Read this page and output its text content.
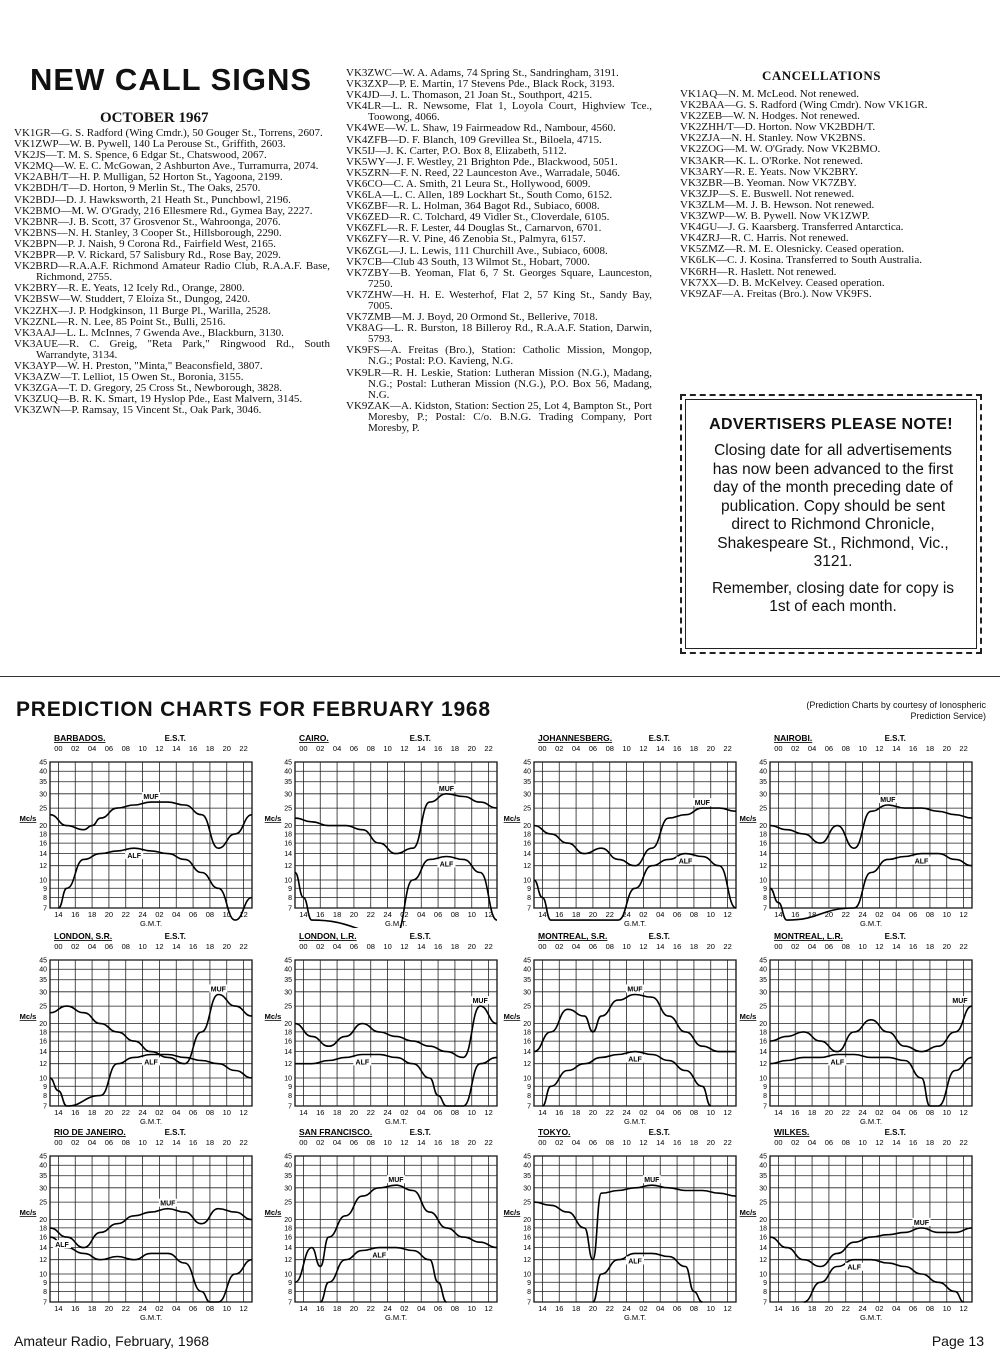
NEW CALL SIGNS
OCTOBER 1967

VK1GR—G. S. Radford (Wing Cmdr.), 50 Gouger St., Torrens, 2607.

VK1ZWP—W. B. Pywell, 140 La Perouse St., Griffith, 2603.

VK2JS—T. M. S. Spence, 6 Edgar St., Chatswood, 2067.

VK2MQ—W. E. C. McGowan, 2 Ashburton Ave., Turramurra, 2074.

VK2ABH/T—H. P. Mulligan, 52 Horton St., Yagoona, 2199.

VK2BDH/T—D. Horton, 9 Merlin St., The Oaks, 2570.

VK2BDJ—D. J. Hawksworth, 21 Heath St., Punchbowl, 2196.

VK2BMO—M. W. O'Grady, 216 Ellesmere Rd., Gymea Bay, 2227.

VK2BNR—J. B. Scott, 37 Grosvenor St., Wahroonga, 2076.

VK2BNS—N. H. Stanley, 3 Cooper St., Hillsborough, 2290.

VK2BPN—P. J. Naish, 9 Corona Rd., Fairfield West, 2165.

VK2BPR—P. V. Rickard, 57 Salisbury Rd., Rose Bay, 2029.

VK2BRD—R.A.A.F. Richmond Amateur Radio Club, R.A.A.F. Base, Richmond, 2755.

VK2BRY—R. E. Yeats, 12 Icely Rd., Orange, 2800.

VK2BSW—W. Studdert, 7 Eloiza St., Dungog, 2420.

VK2ZHX—J. P. Hodgkinson, 11 Burge Pl., Warilla, 2528.

VK2ZNL—R. N. Lee, 85 Point St., Bulli, 2516.

VK3AAJ—L. L. McInnes, 7 Gwenda Ave., Blackburn, 3130.

VK3AUE—R. C. Greig, "Reta Park," Ringwood Rd., South Warrandyte, 3134.

VK3AYP—W. H. Preston, "Minta," Beaconsfield, 3807.

VK3AZW—T. Lelliot, 15 Owen St., Boronia, 3155.

VK3ZGA—T. D. Gregory, 25 Cross St., Newborough, 3828.

VK3ZUQ—B. R. K. Smart, 19 Hyslop Pde., East Malvern, 3145.

VK3ZWN—P. Ramsay, 15 Vincent St., Oak Park, 3046.

VK3ZWC—W. A. Adams, 74 Spring St., Sandringham, 3191.

VK3ZXP—P. E. Martin, 17 Stevens Pde., Black Rock, 3193.

VK4JD—J. L. Thomason, 21 Joan St., Southport, 4215.

VK4LR—L. R. Newsome, Flat 1, Loyola Court, Highview Tce., Toowong, 4066.

VK4WE—W. L. Shaw, 19 Fairmeadow Rd., Nambour, 4560.

VK4ZFB—D. F. Blanch, 109 Grevillea St., Biloela, 4715.

VK5IJ—J. K. Carter, P.O. Box 8, Elizabeth, 5112.

VK5WY—J. F. Westley, 21 Brighton Pde., Blackwood, 5051.

VK5ZRN—F. N. Reed, 22 Launceston Ave., Warradale, 5046.

VK6CO—C. A. Smith, 21 Leura St., Hollywood, 6009.

VK6LA—L. C. Allen, 189 Lockhart St., South Como, 6152.

VK6ZBF—R. L. Holman, 364 Bagot Rd., Subiaco, 6008.

VK6ZED—R. C. Tolchard, 49 Vidler St., Cloverdale, 6105.

VK6ZFL—R. F. Lester, 44 Douglas St., Carnarvon, 6701.

VK6ZFY—R. V. Pine, 46 Zenobia St., Palmyra, 6157.

VK6ZGL—J. L. Lewis, 111 Churchill Ave., Subiaco, 6008.

VK7CB—Club 43 South, 13 Wilmot St., Hobart, 7000.

VK7ZBY—B. Yeoman, Flat 6, 7 St. Georges Square, Launceston, 7250.

VK7ZHW—H. H. E. Westerhof, Flat 2, 57 King St., Sandy Bay, 7005.

VK7ZMB—M. J. Boyd, 20 Ormond St., Bellerive, 7018.

VK8AG—L. R. Burston, 18 Billeroy Rd., R.A.A.F. Station, Darwin, 5793.

VK9FS—A. Freitas (Bro.), Station: Catholic Mission, Mongop, N.G.; Postal: P.O. Kavieng, N.G.

VK9LR—R. H. Leskie, Station: Lutheran Mission (N.G.), Madang, N.G.; Postal: Lutheran Mission (N.G.), P.O. Box 56, Madang, N.G.

VK9ZAK—A. Kidston, Station: Section 25, Lot 4, Bampton St., Port Moresby, P.; Postal: C/o. B.N.G. Trading Company, Port Moresby, P.

CANCELLATIONS

VK1AQ—N. M. McLeod. Not renewed.

VK2BAA—G. S. Radford (Wing Cmdr). Now VK1GR.

VK2ZEB—W. N. Hodges. Not renewed.

VK2ZHH/T—D. Horton. Now VK2BDH/T.

VK2ZJA—N. H. Stanley. Now VK2BNS.

VK2ZOG—M. W. O'Grady. Now VK2BMO.

VK3AKR—K. L. O'Rorke. Not renewed.

VK3ARY—R. E. Yeats. Now VK2BRY.

VK3ZBR—B. Yeoman. Now VK7ZBY.

VK3ZJP—S. E. Buswell. Not renewed.

VK3ZLM—M. J. B. Hewson. Not renewed.

VK3ZWP—W. B. Pywell. Now VK1ZWP.

VK4GU—J. G. Kaarsberg. Transferred Antarctica.

VK4ZRJ—R. C. Harris. Not renewed.

VK5ZMZ—R. M. E. Olesnicky. Ceased operation.

VK6LK—C. J. Kosina. Transferred to South Australia.

VK6RH—R. Haslett. Not renewed.

VK7XX—D. B. McKelvey. Ceased operation.

VK9ZAF—A. Freitas (Bro.). Now VK9FS.

ADVERTISERS PLEASE NOTE!
Closing date for all advertisements has now been advanced to the first day of the month preceding date of publication. Copy should be sent direct to Richmond Chronicle, Shakespeare St., Richmond, Vic., 3121.
Remember, closing date for copy is 1st of each month.
PREDICTION CHARTS FOR FEBRUARY 1968	(Prediction Charts by courtesy of Ionospheric Prediction Service)
BARBADOS.	E.S.T.
00
14
02
16
04
18
06
20
08
22
10
24
12
02
14
04
16
06
18
08
20
10
22
12
7
8
9
10
12
14
16
18
20
25
30
35
40
45
Mc/s
G.M.T.
MUF
ALF
CAIRO.	E.S.T.
00
14
02
16
04
18
06
20
08
22
10
24
12
02
14
04
16
06
18
08
20
10
22
12
7
8
9
10
12
14
16
18
20
25
30
35
40
45
Mc/s
G.M.T.
MUF
ALF
JOHANNESBERG.	E.S.T.
00
14
02
16
04
18
06
20
08
22
10
24
12
02
14
04
16
06
18
08
20
10
22
12
7
8
9
10
12
14
16
18
20
25
30
35
40
45
Mc/s
G.M.T.
MUF
ALF
NAIROBI.	E.S.T.
00
14
02
16
04
18
06
20
08
22
10
24
12
02
14
04
16
06
18
08
20
10
22
12
7
8
9
10
12
14
16
18
20
25
30
35
40
45
Mc/s
G.M.T.
MUF
ALF
LONDON, S.R.	E.S.T.
00
14
02
16
04
18
06
20
08
22
10
24
12
02
14
04
16
06
18
08
20
10
22
12
7
8
9
10
12
14
16
18
20
25
30
35
40
45
Mc/s
G.M.T.
MUF
ALF
LONDON, L.R.	E.S.T.
00
14
02
16
04
18
06
20
08
22
10
24
12
02
14
04
16
06
18
08
20
10
22
12
7
8
9
10
12
14
16
18
20
25
30
35
40
45
Mc/s
G.M.T.
MUF
ALF
MONTREAL, S.R.	E.S.T.
00
14
02
16
04
18
06
20
08
22
10
24
12
02
14
04
16
06
18
08
20
10
22
12
7
8
9
10
12
14
16
18
20
25
30
35
40
45
Mc/s
G.M.T.
MUF
ALF
MONTREAL, L.R.	E.S.T.
00
14
02
16
04
18
06
20
08
22
10
24
12
02
14
04
16
06
18
08
20
10
22
12
7
8
9
10
12
14
16
18
20
25
30
35
40
45
Mc/s
G.M.T.
MUF
ALF
RIO DE JANEIRO.	E.S.T.
00
14
02
16
04
18
06
20
08
22
10
24
12
02
14
04
16
06
18
08
20
10
22
12
7
8
9
10
12
14
16
18
20
25
30
35
40
45
Mc/s
G.M.T.
MUF
ALF
SAN FRANCISCO.	E.S.T.
00
14
02
16
04
18
06
20
08
22
10
24
12
02
14
04
16
06
18
08
20
10
22
12
7
8
9
10
12
14
16
18
20
25
30
35
40
45
Mc/s
G.M.T.
MUF
ALF
TOKYO.	E.S.T.
00
14
02
16
04
18
06
20
08
22
10
24
12
02
14
04
16
06
18
08
20
10
22
12
7
8
9
10
12
14
16
18
20
25
30
35
40
45
Mc/s
G.M.T.
MUF
ALF
WILKES.	E.S.T.
00
14
02
16
04
18
06
20
08
22
10
24
12
02
14
04
16
06
18
08
20
10
22
12
7
8
9
10
12
14
16
18
20
25
30
35
40
45
Mc/s
G.M.T.
MUF
ALF
Amateur Radio, February, 1968	Page 13
